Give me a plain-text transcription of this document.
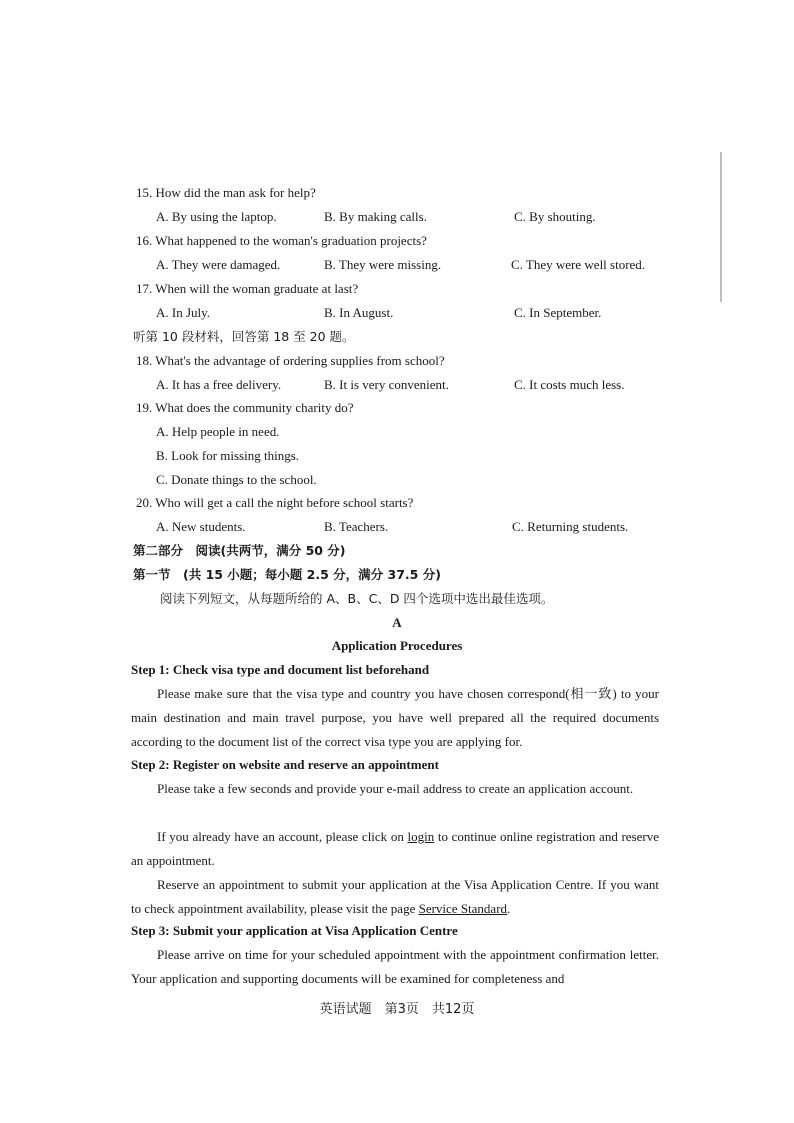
15. How did the man ask for help?
A. By using the laptop.	B. By making calls.	C. By shouting.
16. What happened to the woman's graduation projects?
A. They were damaged.	B. They were missing.	C. They were well stored.
17. When will the woman graduate at last?
A. In July.	B. In August.	C. In September.
听第 10 段材料，回答第 18 至 20 题。
18. What's the advantage of ordering supplies from school?
A. It has a free delivery.	B. It is very convenient.	C. It costs much less.
19. What does the community charity do?
A. Help people in need.
B. Look for missing things.
C. Donate things to the school.
20. Who will get a call the night before school starts?
A. New students.	B. Teachers.	C. Returning students.
第二部分　阅读(共两节，满分 50 分)
第一节　(共 15 小题；每小题 2.5 分，满分 37.5 分)
阅读下列短文，从每题所给的 A、B、C、D 四个选项中选出最佳选项。
A
Application Procedures
Step 1: Check visa type and document list beforehand
Please make sure that the visa type and country you have chosen correspond(相一致) to your main destination and main travel purpose, you have well prepared all the required documents according to the document list of the correct visa type you are applying for.
Step 2: Register on website and reserve an appointment
Please take a few seconds and provide your e-mail address to create an application account.
If you already have an account, please click on login to continue online registration and reserve an appointment.
Reserve an appointment to submit your application at the Visa Application Centre. If you want to check appointment availability, please visit the page Service Standard.
Step 3: Submit your application at Visa Application Centre
Please arrive on time for your scheduled appointment with the appointment confirmation letter. Your application and supporting documents will be examined for completeness and
英语试题　第3页　共12页
